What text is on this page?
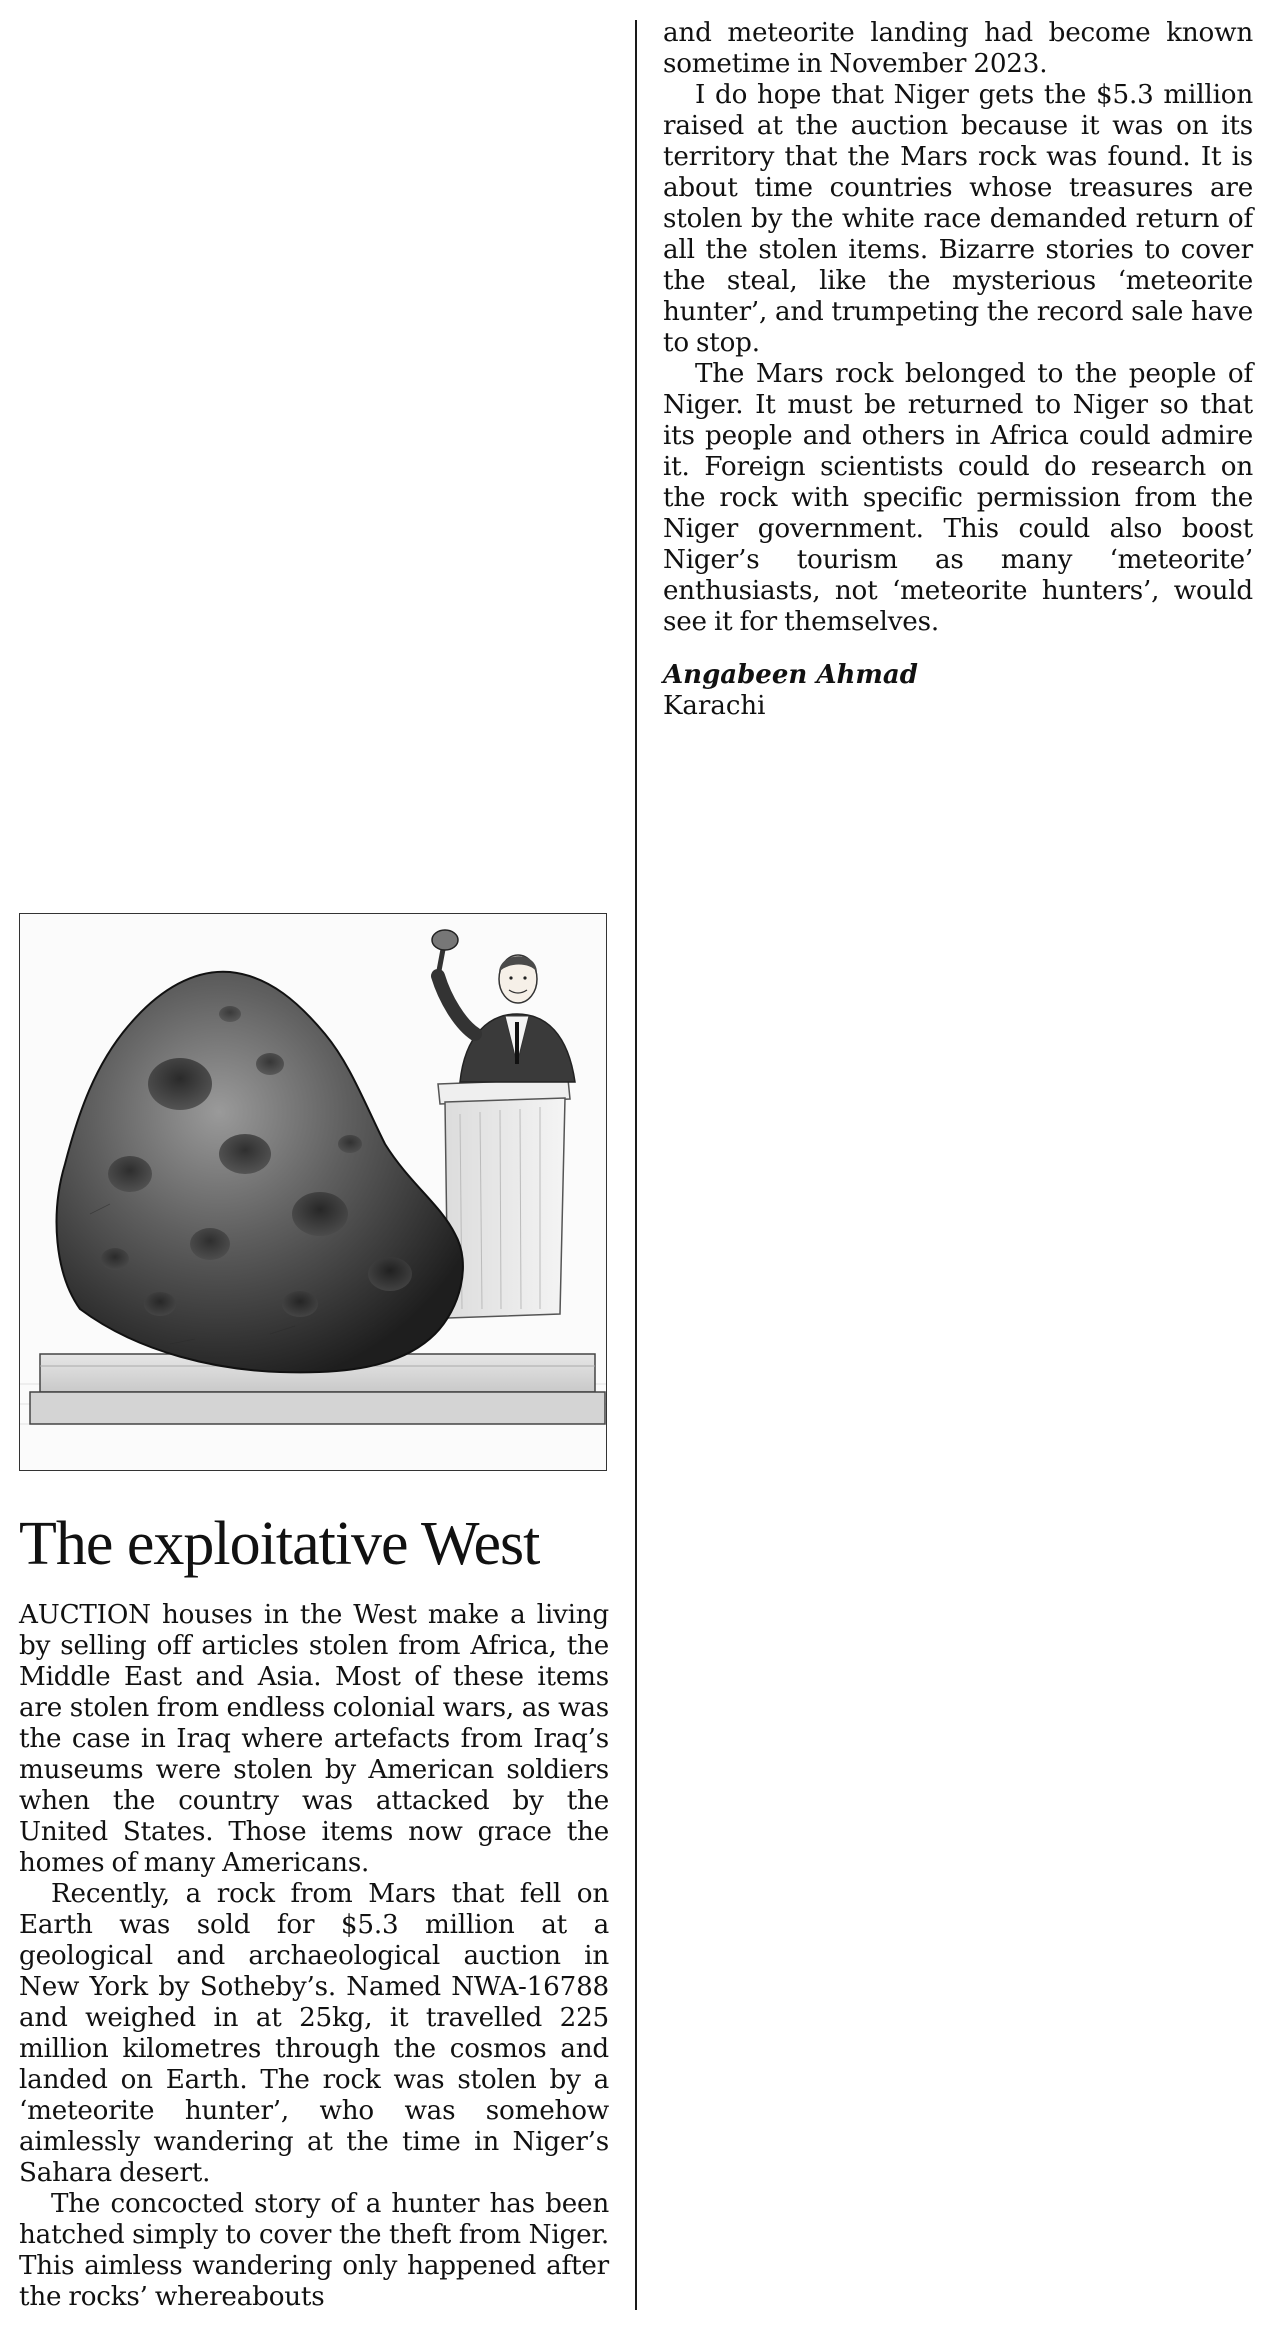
The exploitative West

AUCTION houses in the West make a living by selling off articles stolen from Africa, the Middle East and Asia. Most of these items are stolen from endless colonial wars, as was the case in Iraq where artefacts from Iraq’s museums were stolen by American soldiers when the country was attacked by the United States. Those items now grace the homes of many Americans.

Recently, a rock from Mars that fell on Earth was sold for $5.3 million at a geological and archaeological auction in New York by Sotheby’s. Named NWA-16788 and weighed in at 25kg, it travelled 225 million kilometres through the cosmos and landed on Earth. The rock was stolen by a ‘meteorite hunter’, who was somehow aimlessly wandering at the time in Niger’s Sahara desert.

The concocted story of a hunter has been hatched simply to cover the theft from Niger. This aimless wandering only happened after the rocks’ whereabouts

and meteorite landing had become known sometime in November 2023.

I do hope that Niger gets the $5.3 million raised at the auction because it was on its territory that the Mars rock was found. It is about time countries whose treasures are stolen by the white race demanded return of all the stolen items. Bizarre stories to cover the steal, like the mysterious ‘meteorite hunter’, and trumpeting the record sale have to stop.

The Mars rock belonged to the people of Niger. It must be returned to Niger so that its people and others in Africa could admire it. Foreign scientists could do research on the rock with specific permission from the Niger government. This could also boost Niger’s tourism as many ‘meteorite’ enthusiasts, not ‘meteorite hunters’, would see it for themselves.

Angabeen Ahmad
Karachi
